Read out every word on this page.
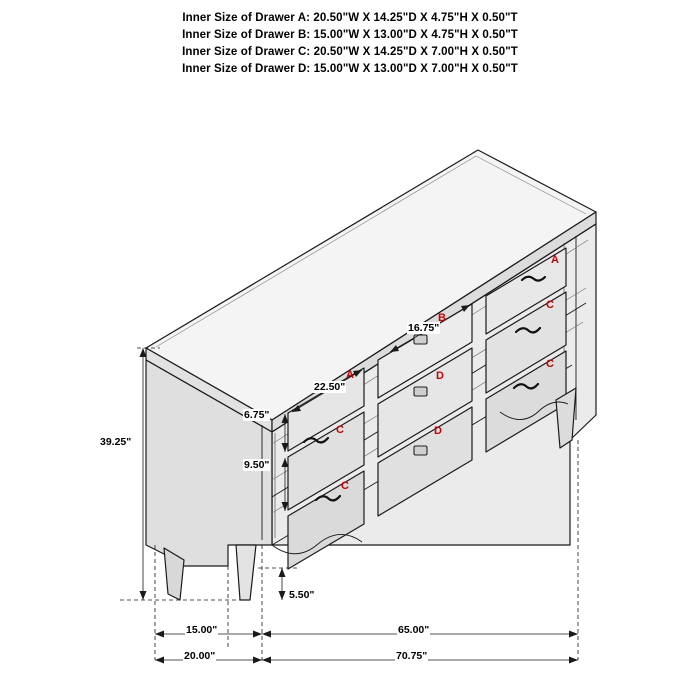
Inner Size of Drawer A: 20.50"W X 14.25"D X 4.75"H X 0.50"T
Inner Size of Drawer B: 15.00"W X 13.00"D X 4.75"H X 0.50"T
Inner Size of Drawer C: 20.50"W X 14.25"D X 7.00"H X 0.50"T
Inner Size of Drawer D: 15.00"W X 13.00"D X 7.00"H X 0.50"T
39.25"
5.50"
15.00"	65.00"
20.00"	70.75"
16.75"
22.50"
6.75"
9.50"
A
C
C
B
D
D
A
C
C
